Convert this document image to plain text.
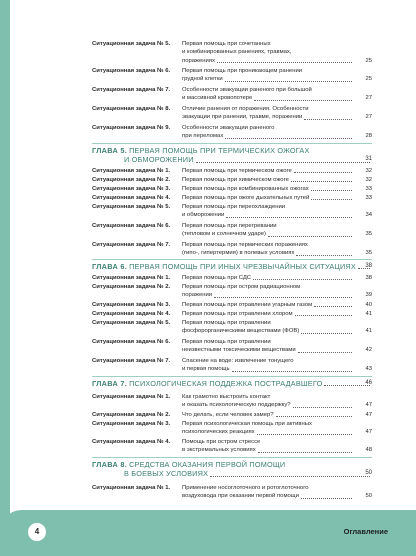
Ситуационная задача № 5. Первая помощь при сочетанных
и комбинированных ранениях, травмах,
поражениях	25
Ситуационная задача № 6. Первая помощь при проникающем ранении
грудной клетки	25
Ситуационная задача № 7. Особенности эвакуации раненого при большой
и массивной кровопотере	27
Ситуационная задача № 8. Отличие ранения от поражения. Особенности
эвакуации при ранении, травме, поражении	27
Ситуационная задача № 9. Особенности эвакуации раненого
при переломах	28
ГЛАВА 5.
ПЕРВАЯ ПОМОЩЬ ПРИ ТЕРМИЧЕСКИХ ОЖОГАХ
И ОБМОРОЖЕНИИ	31
Ситуационная задача № 1. Первая помощь при термическом ожоге	32
Ситуационная задача № 2. Первая помощь при химическом ожоге	32
Ситуационная задача № 3. Первая помощь при комбинированных ожогах	33
Ситуационная задача № 4. Первая помощь при ожоге дыхательных путей	33
Ситуационная задача № 5. Первая помощь при переохлаждении
и обморожении	34
Ситуационная задача № 6. Первая помощь при перегревании
(тепловом и солнечном ударе)	35
Ситуационная задача № 7. Первая помощь при термических поражениях
(гипо-, гипертермия) в полевых условиях	35
ГЛАВА 6.
ПЕРВАЯ ПОМОЩЬ ПРИ ИНЫХ ЧРЕЗВЫЧАЙНЫХ СИТУАЦИЯХ 38
Ситуационная задача № 1. Первая помощь при СДС	38
Ситуационная задача № 2. Первая помощь при остром радиационном
поражении	39
Ситуационная задача № 3. Первая помощь при отравлении угарным газом	40
Ситуационная задача № 4. Первая помощь при отравлении хлором	41
Ситуационная задача № 5. Первая помощь при отравлении
фосфорорганическими веществами (ФОВ)	41
Ситуационная задача № 6. Первая помощь при отравлении
неизвестными токсическими веществами	42
Ситуационная задача № 7. Спасение на воде: извлечение тонущего
и первая помощь	43
ГЛАВА 7.
ПСИХОЛОГИЧЕСКАЯ ПОДДЕЖКА ПОСТРАДАВШЕГО	46
Ситуационная задача № 1. Как грамотно выстроить контакт
и оказать психологическую поддержку?	47
Ситуационная задача № 2. Что делать, если человек замер?	47
Ситуационная задача № 3. Первая психологическая помощь при активных
психологических реакциях	47
Ситуационная задача № 4. Помощь при остром стрессе
в экстремальных условиях	48
ГЛАВА 8.
СРЕДСТВА ОКАЗАНИЯ ПЕРВОЙ ПОМОЩИ
В БОЕВЫХ УСЛОВИЯХ	50
Ситуационная задача № 1. Применение носоглоточного и ротоглоточного
воздуховода при оказании первой помощи	50
4	Оглавление
